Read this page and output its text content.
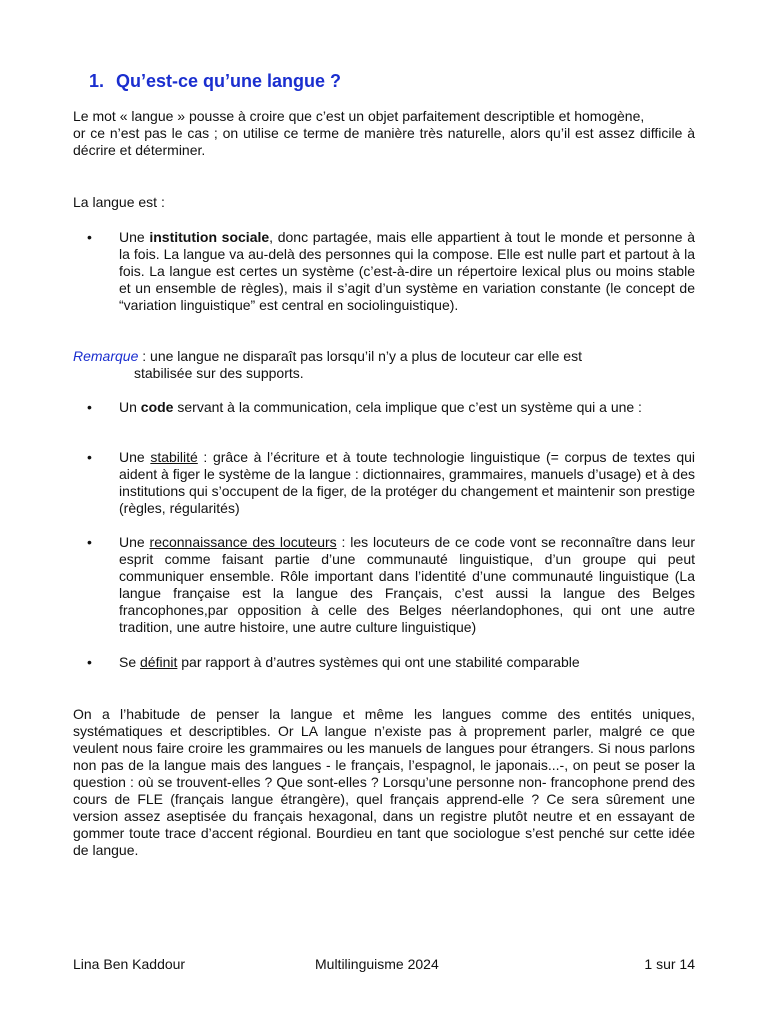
1. Qu’est-ce qu’une langue ?

Le mot « langue » pousse à croire que c’est un objet parfaitement descriptible et homogène,
or ce n’est pas le cas ; on utilise ce terme de manière très naturelle, alors qu’il est assez difficile à décrire et déterminer.

La langue est :

• Une institution sociale, donc partagée, mais elle appartient à tout le monde et personne à la fois. La langue va au-delà des personnes qui la compose. Elle est nulle part et partout à la fois. La langue est certes un système (c’est-à-dire un répertoire lexical plus ou moins stable et un ensemble de règles), mais il s’agit d’un système en variation constante (le concept de “variation linguistique” est central en sociolinguistique).

Remarque : une langue ne disparaît pas lorsqu’il n’y a plus de locuteur car elle est
stabilisée sur des supports.

• Un code servant à la communication, cela implique que c’est un système qui a une :

• Une stabilité : grâce à l’écriture et à toute technologie linguistique (= corpus de textes qui aident à figer le système de la langue : dictionnaires, grammaires, manuels d’usage) et à des institutions qui s’occupent de la figer, de la protéger du changement et maintenir son prestige (règles, régularités)

• Une reconnaissance des locuteurs : les locuteurs de ce code vont se reconnaître dans leur esprit comme faisant partie d’une communauté linguistique, d’un groupe qui peut communiquer ensemble. Rôle important dans l’identité d’une communauté linguistique (La langue française est la langue des Français, c’est aussi la langue des Belges francophones,par opposition à celle des Belges néerlandophones, qui ont une autre tradition, une autre histoire, une autre culture linguistique)

• Se définit par rapport à d’autres systèmes qui ont une stabilité comparable

On a l’habitude de penser la langue et même les langues comme des entités uniques, systématiques et descriptibles. Or LA langue n’existe pas à proprement parler, malgré ce que veulent nous faire croire les grammaires ou les manuels de langues pour étrangers. Si nous parlons non pas de la langue mais des langues - le français, l’espagnol, le japonais...-, on peut se poser la question : où se trouvent-elles ? Que sont-elles ? Lorsqu’une personne non- francophone prend des cours de FLE (français langue étrangère), quel français apprend-elle ? Ce sera sûrement une version assez aseptisée du français hexagonal, dans un registre plutôt neutre et en essayant de gommer toute trace d’accent régional. Bourdieu en tant que sociologue s’est penché sur cette idée de langue.

Lina Ben Kaddour	Multilinguisme 2024	1 sur 14
